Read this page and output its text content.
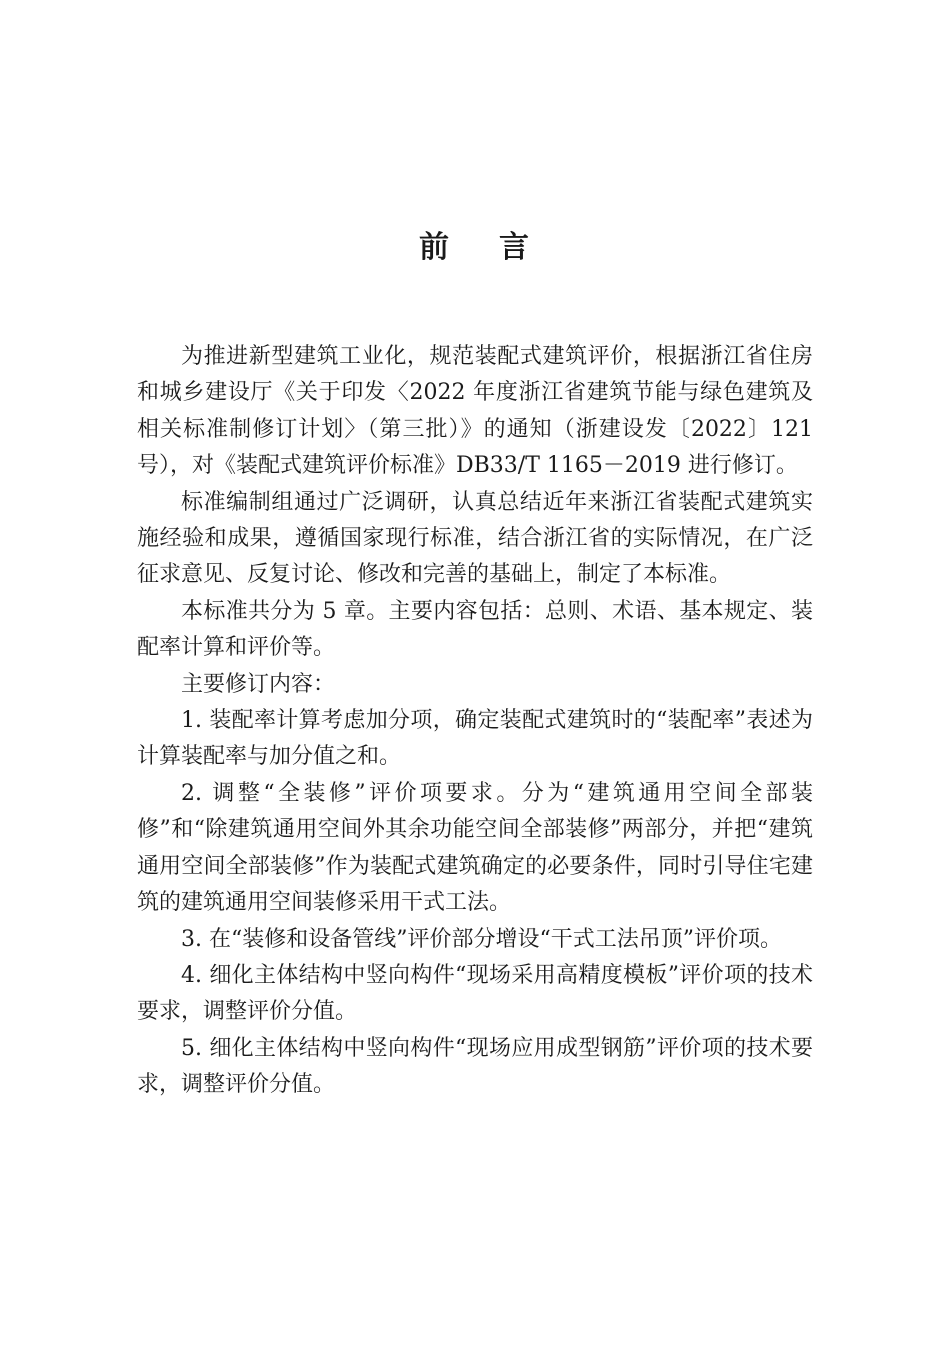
前 言

为推进新型建筑工业化，规范装配式建筑评价，根据浙江省住房和城乡建设厅《关于印发〈2022 年度浙江省建筑节能与绿色建筑及相关标准制修订计划〉（第三批）》的通知（浙建设发〔2022〕121 号），对《装配式建筑评价标准》DB33/T 1165－2019 进行修订。

标准编制组通过广泛调研，认真总结近年来浙江省装配式建筑实施经验和成果，遵循国家现行标准，结合浙江省的实际情况，在广泛征求意见、反复讨论、修改和完善的基础上，制定了本标准。

本标准共分为 5 章。主要内容包括：总则、术语、基本规定、装配率计算和评价等。

主要修订内容：

1. 装配率计算考虑加分项，确定装配式建筑时的“装配率”表述为计算装配率与加分值之和。

2. 调整“全装修”评价项要求。分为“建筑通用空间全部装修”和“除建筑通用空间外其余功能空间全部装修”两部分，并把“建筑通用空间全部装修”作为装配式建筑确定的必要条件，同时引导住宅建筑的建筑通用空间装修采用干式工法。

3. 在“装修和设备管线”评价部分增设“干式工法吊顶”评价项。

4. 细化主体结构中竖向构件“现场采用高精度模板”评价项的技术要求，调整评价分值。

5. 细化主体结构中竖向构件“现场应用成型钢筋”评价项的技术要求，调整评价分值。
